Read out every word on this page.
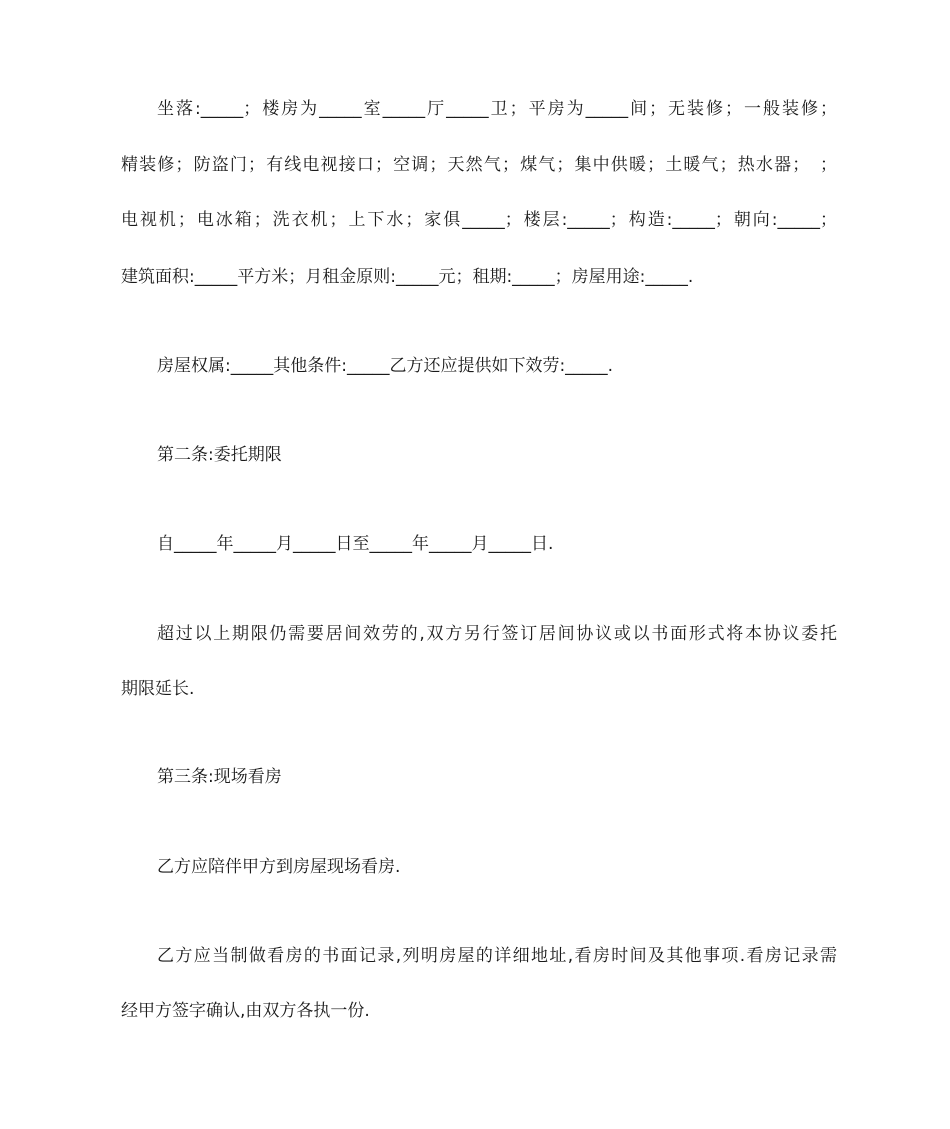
坐落:_____；楼房为_____室_____厅_____卫；平房为_____间；无装修；一般装修；

精装修；防盗门；有线电视接口；空调；天然气；煤气；集中供暖；土暖气；热水器；　；

电视机；电冰箱；洗衣机；上下水；家俱_____；楼层:_____；构造:_____；朝向:_____；

建筑面积:_____平方米；月租金原则:_____元；租期:_____；房屋用途:_____.

房屋权属:_____其他条件:_____乙方还应提供如下效劳:_____.

第二条:委托期限

自_____年_____月_____日至_____年_____月_____日.

超过以上期限仍需要居间效劳的,双方另行签订居间协议或以书面形式将本协议委托

期限延长.

第三条:现场看房

乙方应陪伴甲方到房屋现场看房.

乙方应当制做看房的书面记录,列明房屋的详细地址,看房时间及其他事项.看房记录需

经甲方签字确认,由双方各执一份.
